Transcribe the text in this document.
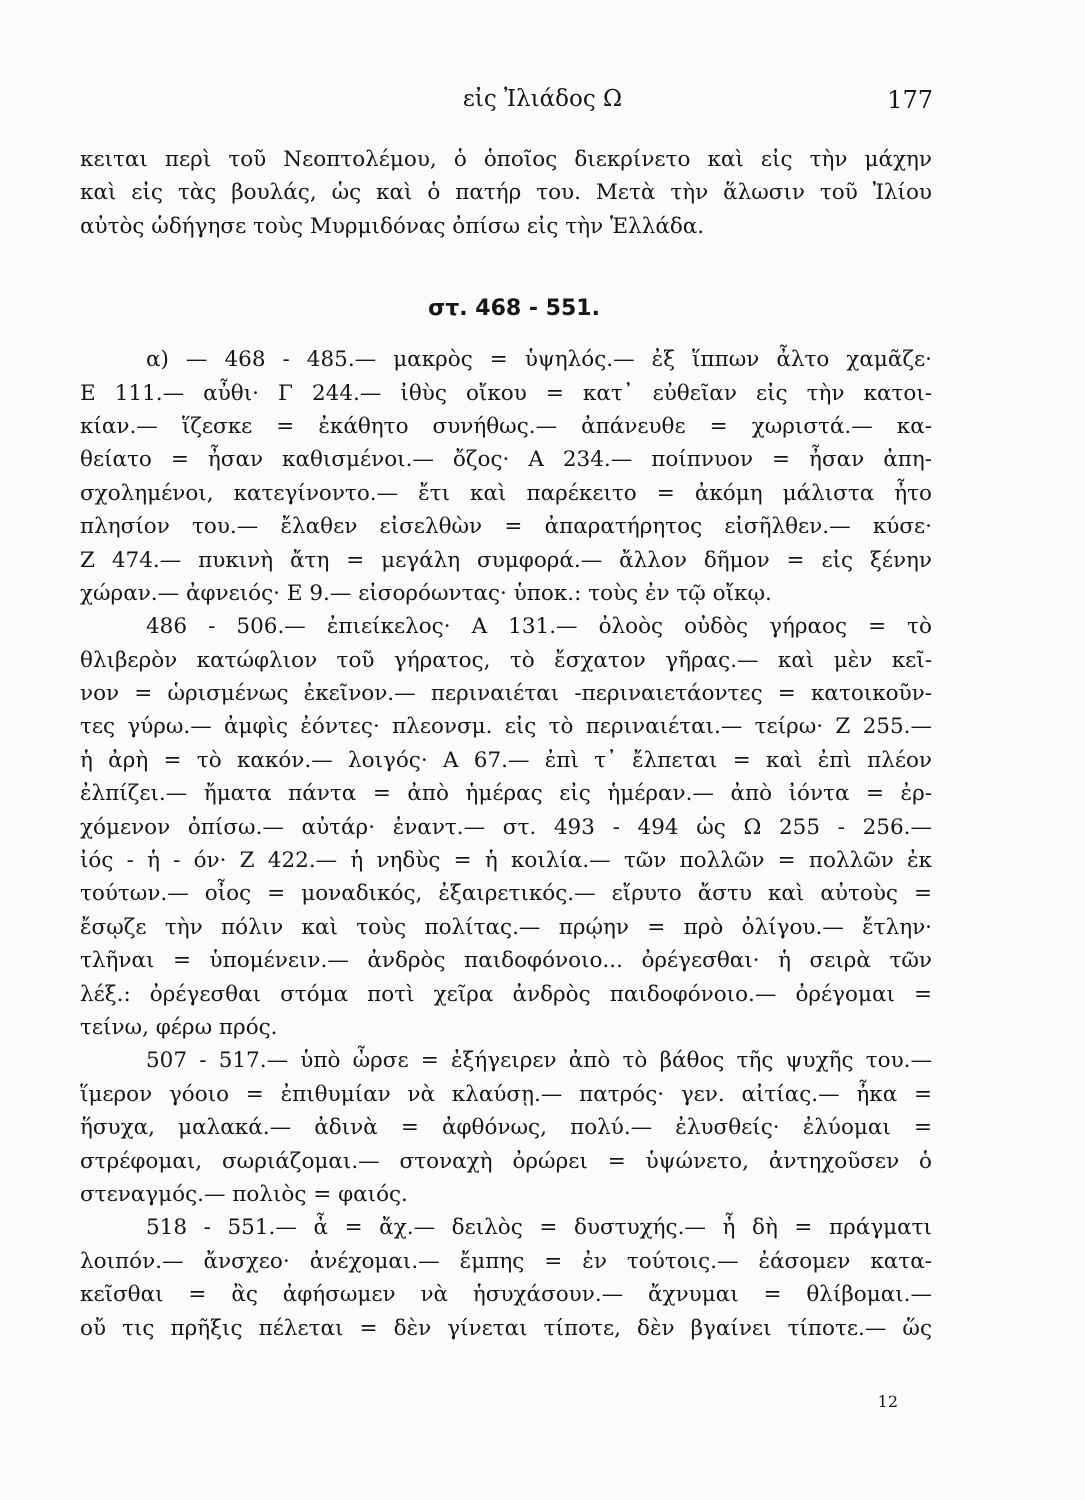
εἰς Ἰλιάδος Ω	177
κειται περὶ τοῦ Νεοπτολέμου, ὁ ὁποῖος διεκρίνετο καὶ εἰς τὴν μάχην
καὶ εἰς τὰς βουλάς, ὡς καὶ ὁ πατήρ του. Μετὰ τὴν ἅλωσιν τοῦ Ἰλίου
αὐτὸς ὡδήγησε τοὺς Μυρμιδόνας ὀπίσω εἰς τὴν Ἑλλάδα.
στ. 468 - 551.
α) — 468 - 485.— μακρὸς = ὑψηλός.— ἐξ ἵππων ἆλτο χαμᾶζε·
Ε 111.— αὖθι· Γ 244.— ἰθὺς οἴκου = κατ᾽ εὐθεῖαν εἰς τὴν κατοι-
κίαν.— ἵζεσκε = ἐκάθητο συνήθως.— ἀπάνευθε = χωριστά.— κα-
θείατο = ἦσαν καθισμένοι.— ὄζος· Α 234.— ποίπνυον = ἦσαν ἀπη-
σχολημένοι, κατεγίνοντο.— ἔτι καὶ παρέκειτο = ἀκόμη μάλιστα ἦτο
πλησίον του.— ἔλαθεν εἰσελθὼν = ἀπαρατήρητος εἰσῆλθεν.— κύσε·
Ζ 474.— πυκινὴ ἄτη = μεγάλη συμφορά.— ἄλλον δῆμον = εἰς ξένην
χώραν.— ἀφνειός· Ε 9.— εἰσορόωντας· ὑποκ.: τοὺς ἐν τῷ οἴκῳ.
486 - 506.— ἐπιείκελος· Α 131.— ὀλοὸς οὐδὸς γήραος = τὸ
θλιβερὸν κατώφλιον τοῦ γήρατος, τὸ ἔσχατον γῆρας.— καὶ μὲν κεῖ-
νον = ὡρισμένως ἐκεῖνον.— περιναιέται -περιναιετάοντες = κατοικοῦν-
τες γύρω.— ἀμφὶς ἐόντες· πλεονσμ. εἰς τὸ περιναιέται.— τείρω· Ζ 255.—
ἡ ἀρὴ = τὸ κακόν.— λοιγός· Α 67.— ἐπὶ τ᾽ ἔλπεται = καὶ ἐπὶ πλέον
ἐλπίζει.— ἤματα πάντα = ἀπὸ ἡμέρας εἰς ἡμέραν.— ἀπὸ ἰόντα = ἐρ-
χόμενον ὀπίσω.— αὐτάρ· ἐναντ.— στ. 493 - 494 ὡς Ω 255 - 256.—
ἰός - ἡ - όν· Ζ 422.— ἡ νηδὺς = ἡ κοιλία.— τῶν πολλῶν = πολλῶν ἐκ
τούτων.— οἶος = μοναδικός, ἐξαιρετικός.— εἴρυτο ἄστυ καὶ αὐτοὺς =
ἔσῳζε τὴν πόλιν καὶ τοὺς πολίτας.— πρῴην = πρὸ ὀλίγου.— ἔτλην·
τλῆναι = ὑπομένειν.— ἀνδρὸς παιδοφόνοιο... ὀρέγεσθαι· ἡ σειρὰ τῶν
λέξ.: ὀρέγεσθαι στόμα ποτὶ χεῖρα ἀνδρὸς παιδοφόνοιο.— ὀρέγομαι =
τείνω, φέρω πρός.
507 - 517.— ὑπὸ ὦρσε = ἐξήγειρεν ἀπὸ τὸ βάθος τῆς ψυχῆς του.—
ἵμερον γόοιο = ἐπιθυμίαν νὰ κλαύσῃ.— πατρός· γεν. αἰτίας.— ἦκα =
ἥσυχα, μαλακά.— ἀδινὰ = ἀφθόνως, πολύ.— ἐλυσθείς· ἐλύομαι =
στρέφομαι, σωριάζομαι.— στοναχὴ ὀρώρει = ὑψώνετο, ἀντηχοῦσεν ὁ
στεναγμός.— πολιὸς = φαιός.
518 - 551.— ἆ = ἄχ.— δειλὸς = δυστυχής.— ἦ δὴ = πράγματι
λοιπόν.— ἄνσχεο· ἀνέχομαι.— ἔμπης = ἐν τούτοις.— ἐάσομεν κατα-
κεῖσθαι = ἂς ἀφήσωμεν νὰ ἡσυχάσουν.— ἄχνυμαι = θλίβομαι.—
οὔ τις πρῆξις πέλεται = δὲν γίνεται τίποτε, δὲν βγαίνει τίποτε.— ὥς
12
